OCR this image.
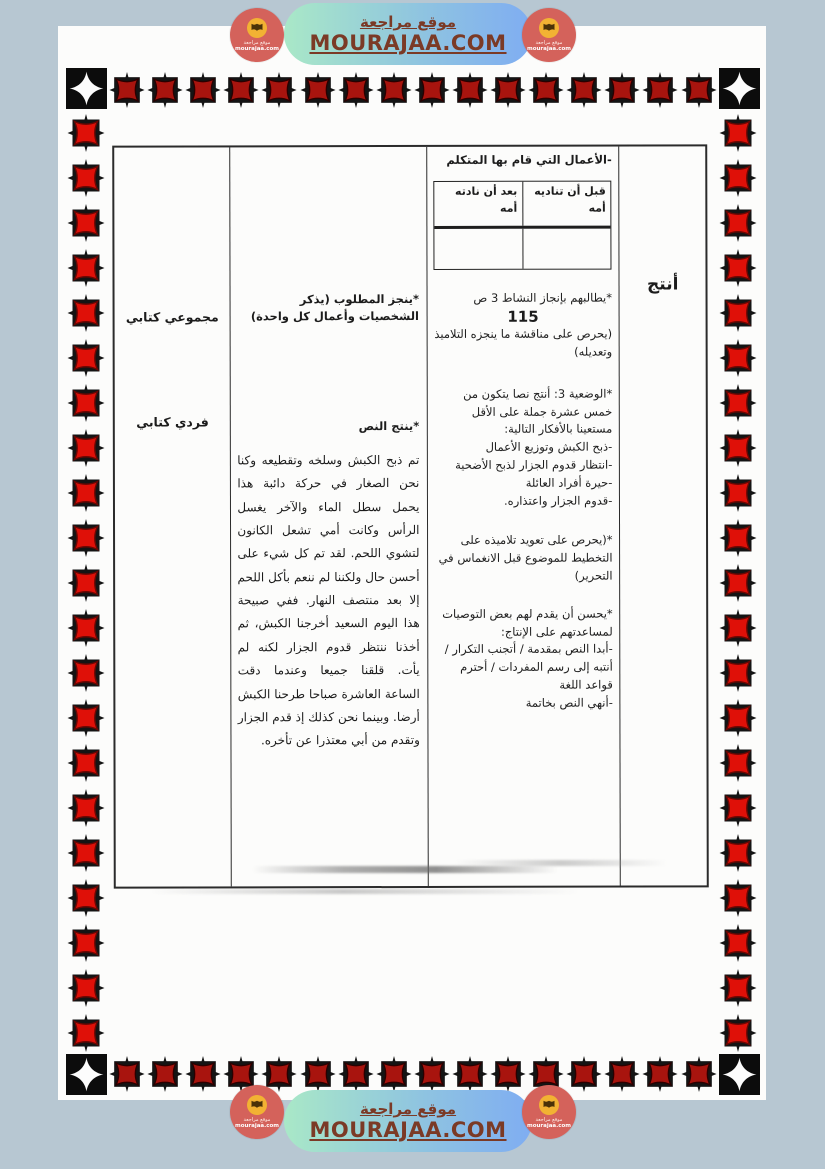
موقع مراجعة
mourajaa.com
موقع مراجعة
MOURAJAA.COM	موقع مراجعة
mourajaa.com
مجموعي كتابي
فردي كتابي
*ينجز المطلوب (يذكر الشخصيات وأعمال كل واحدة)
*ينتج النص
تم ذبح الكبش وسلخه وتقطيعه وكنا نحن الصغار في حركة دائبة هذا يحمل سطل الماء والآخر يغسل الرأس وكانت أمي تشعل الكانون لتشوي اللحم. لقد تم كل شيء على أحسن حال ولكننا لم ننعم بأكل اللحم إلا بعد منتصف النهار. ففي صبيحة هذا اليوم السعيد أخرجنا الكبش، ثم أخذنا ننتظر قدوم الجزار لكنه لم يأت. قلقنا جميعا وعندما دقت الساعة العاشرة صباحا طرحنا الكبش أرضا. وبينما نحن كذلك إذ قدم الجزار وتقدم من أبي معتذرا عن تأخره.
-الأعمال التي قام بها المتكلم
قبل أن تناديه أمه
بعد أن نادته أمه
*يطالبهم بإنجاز النشاط 3 ص
115
(يحرص على مناقشة ما ينجزه التلاميذ وتعديله)
*الوضعية 3: أنتج نصا يتكون من خمس عشرة جملة على الأقل مستعينا بالأفكار التالية:
-ذبح الكبش وتوزيع الأعمال
-انتظار قدوم الجزار لذبح الأضحية
-حيرة أفراد العائلة
-قدوم الجزار واعتذاره.
*(يحرص على تعويد تلاميذه على التخطيط للموضوع قبل الانغماس في التحرير)
*يحسن أن يقدم لهم بعض التوصيات لمساعدتهم على الإنتاج:
-أبدا النص بمقدمة / أتجنب التكرار / أنتبه إلى رسم المفردات / أحترم قواعد اللغة
-أنهي النص بخاتمة
أنتج
موقع مراجعة
mourajaa.com
موقع مراجعة
MOURAJAA.COM	موقع مراجعة
mourajaa.com
